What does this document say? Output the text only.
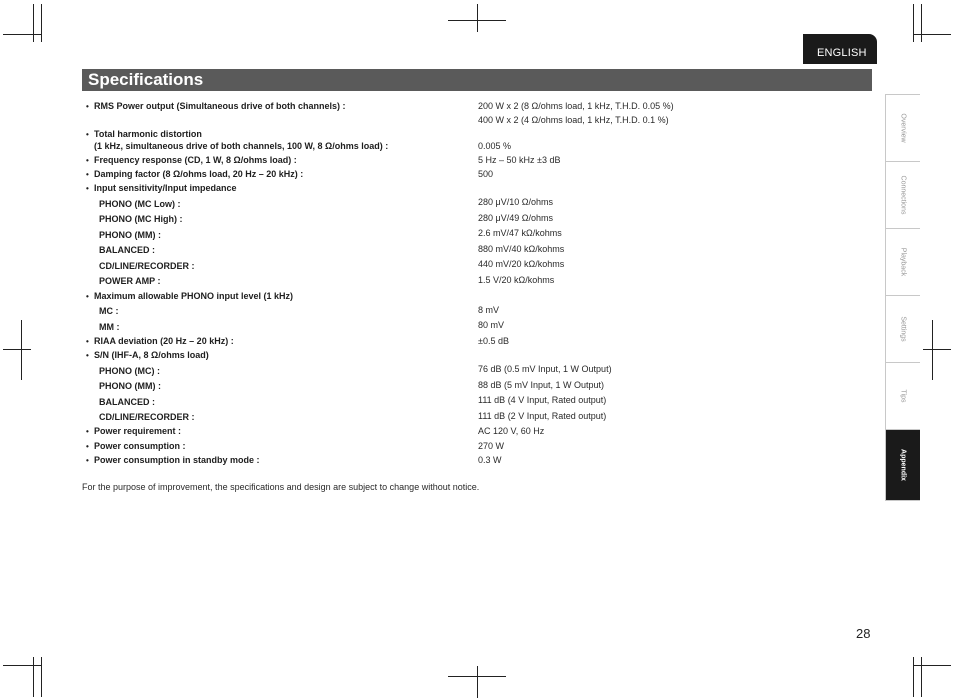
ENGLISH
Specifications
• RMS Power output (Simultaneous drive of both channels) :	200 W x 2 (8 Ω/ohms load, 1 kHz, T.H.D. 0.05 %)
400 W x 2 (4 Ω/ohms load, 1 kHz, T.H.D. 0.1 %)
• Total harmonic distortion
(1 kHz, simultaneous drive of both channels, 100 W, 8 Ω/ohms load) :	0.005 %
• Frequency response (CD, 1 W, 8 Ω/ohms load) :	5 Hz – 50 kHz ±3 dB
• Damping factor (8 Ω/ohms load, 20 Hz – 20 kHz) :	500
• Input sensitivity/Input impedance
PHONO (MC Low) :	280 μV/10 Ω/ohms
PHONO (MC High) :	280 μV/49 Ω/ohms
PHONO (MM) :	2.6 mV/47 kΩ/kohms
BALANCED :	880 mV/40 kΩ/kohms
CD/LINE/RECORDER :	440 mV/20 kΩ/kohms
POWER AMP :	1.5 V/20 kΩ/kohms
• Maximum allowable PHONO input level (1 kHz)
MC :	8 mV
MM :	80 mV
• RIAA deviation (20 Hz – 20 kHz) :	±0.5 dB
• S/N (IHF-A, 8 Ω/ohms load)
PHONO (MC) :	76 dB (0.5 mV Input, 1 W Output)
PHONO (MM) :	88 dB (5 mV Input, 1 W Output)
BALANCED :	111 dB (4 V Input, Rated output)
CD/LINE/RECORDER :	111 dB (2 V Input, Rated output)
• Power requirement :	AC 120 V, 60 Hz
• Power consumption :	270 W
• Power consumption in standby mode :	0.3 W
For the purpose of improvement, the specifications and design are subject to change without notice.
Overview
Connections
Playback
Settings
Tips
Appendix
28
